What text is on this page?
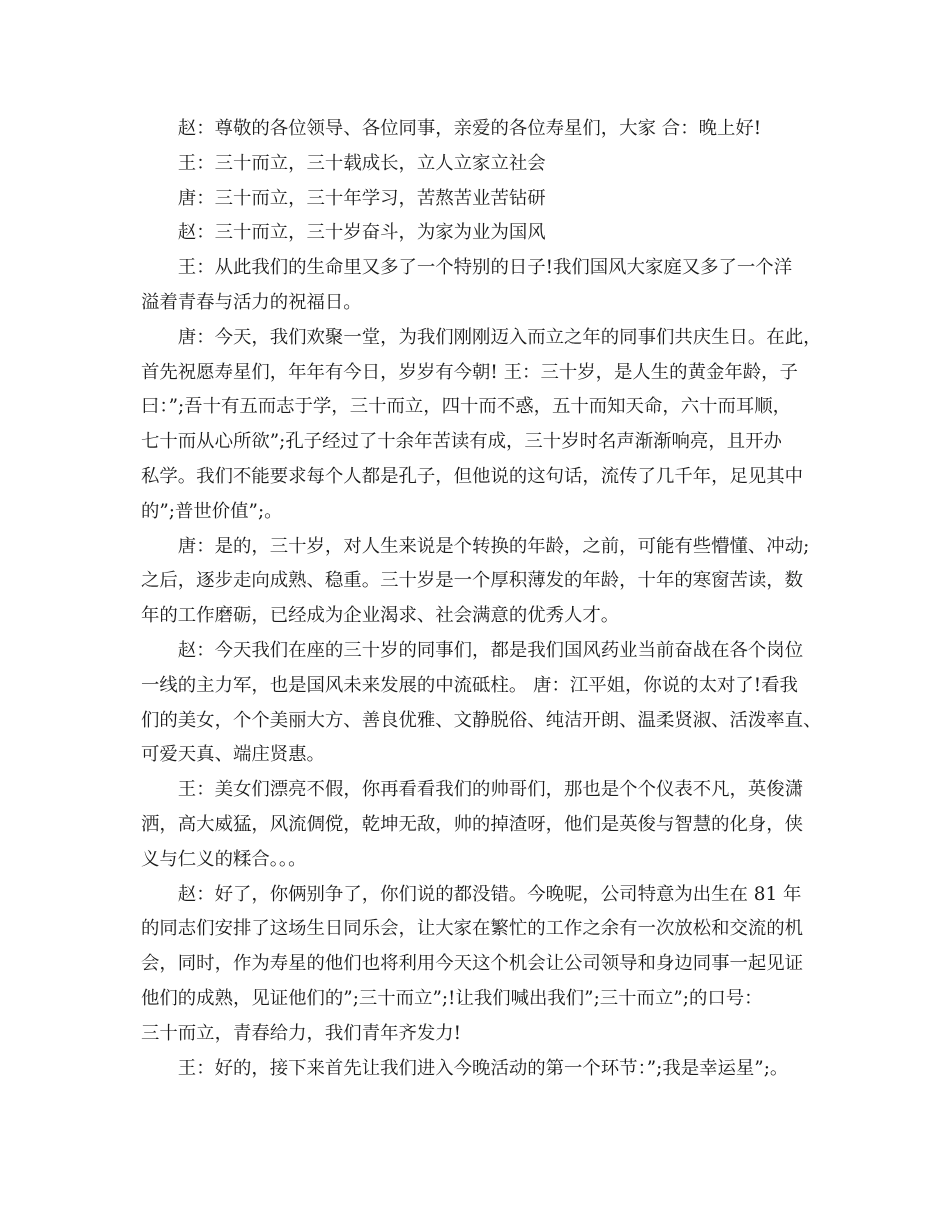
赵：尊敬的各位领导、各位同事，亲爱的各位寿星们，大家 合：晚上好!
王：三十而立，三十载成长，立人立家立社会
唐：三十而立，三十年学习，苦熬苦业苦钻研
赵：三十而立，三十岁奋斗，为家为业为国风
王：从此我们的生命里又多了一个特别的日子!我们国风大家庭又多了一个洋
溢着青春与活力的祝福日。
唐：今天，我们欢聚一堂，为我们刚刚迈入而立之年的同事们共庆生日。在此，
首先祝愿寿星们，年年有今日，岁岁有今朝! 王：三十岁，是人生的黄金年龄，子
曰：”;吾十有五而志于学，三十而立，四十而不惑，五十而知天命，六十而耳顺，
七十而从心所欲”;孔子经过了十余年苦读有成，三十岁时名声渐渐响亮，且开办
私学。我们不能要求每个人都是孔子，但他说的这句话，流传了几千年，足见其中
的”;普世价值”;。
唐：是的，三十岁，对人生来说是个转换的年龄，之前，可能有些懵懂、冲动;
之后，逐步走向成熟、稳重。三十岁是一个厚积薄发的年龄，十年的寒窗苦读，数
年的工作磨砺，已经成为企业渴求、社会满意的优秀人才。
赵：今天我们在座的三十岁的同事们，都是我们国风药业当前奋战在各个岗位
一线的主力军，也是国风未来发展的中流砥柱。 唐：江平姐，你说的太对了!看我
们的美女，个个美丽大方、善良优雅、文静脱俗、纯洁开朗、温柔贤淑、活泼率直、
可爱天真、端庄贤惠。
王：美女们漂亮不假，你再看看我们的帅哥们，那也是个个仪表不凡，英俊潇
洒，高大威猛，风流倜傥，乾坤无敌，帅的掉渣呀，他们是英俊与智慧的化身，侠
义与仁义的糅合。。。
赵：好了，你俩别争了，你们说的都没错。今晚呢，公司特意为出生在 81 年
的同志们安排了这场生日同乐会，让大家在繁忙的工作之余有一次放松和交流的机
会，同时，作为寿星的他们也将利用今天这个机会让公司领导和身边同事一起见证
他们的成熟，见证他们的”;三十而立”;!让我们喊出我们”;三十而立”;的口号：
三十而立，青春给力，我们青年齐发力!
王：好的，接下来首先让我们进入今晚活动的第一个环节：”;我是幸运星”;。
